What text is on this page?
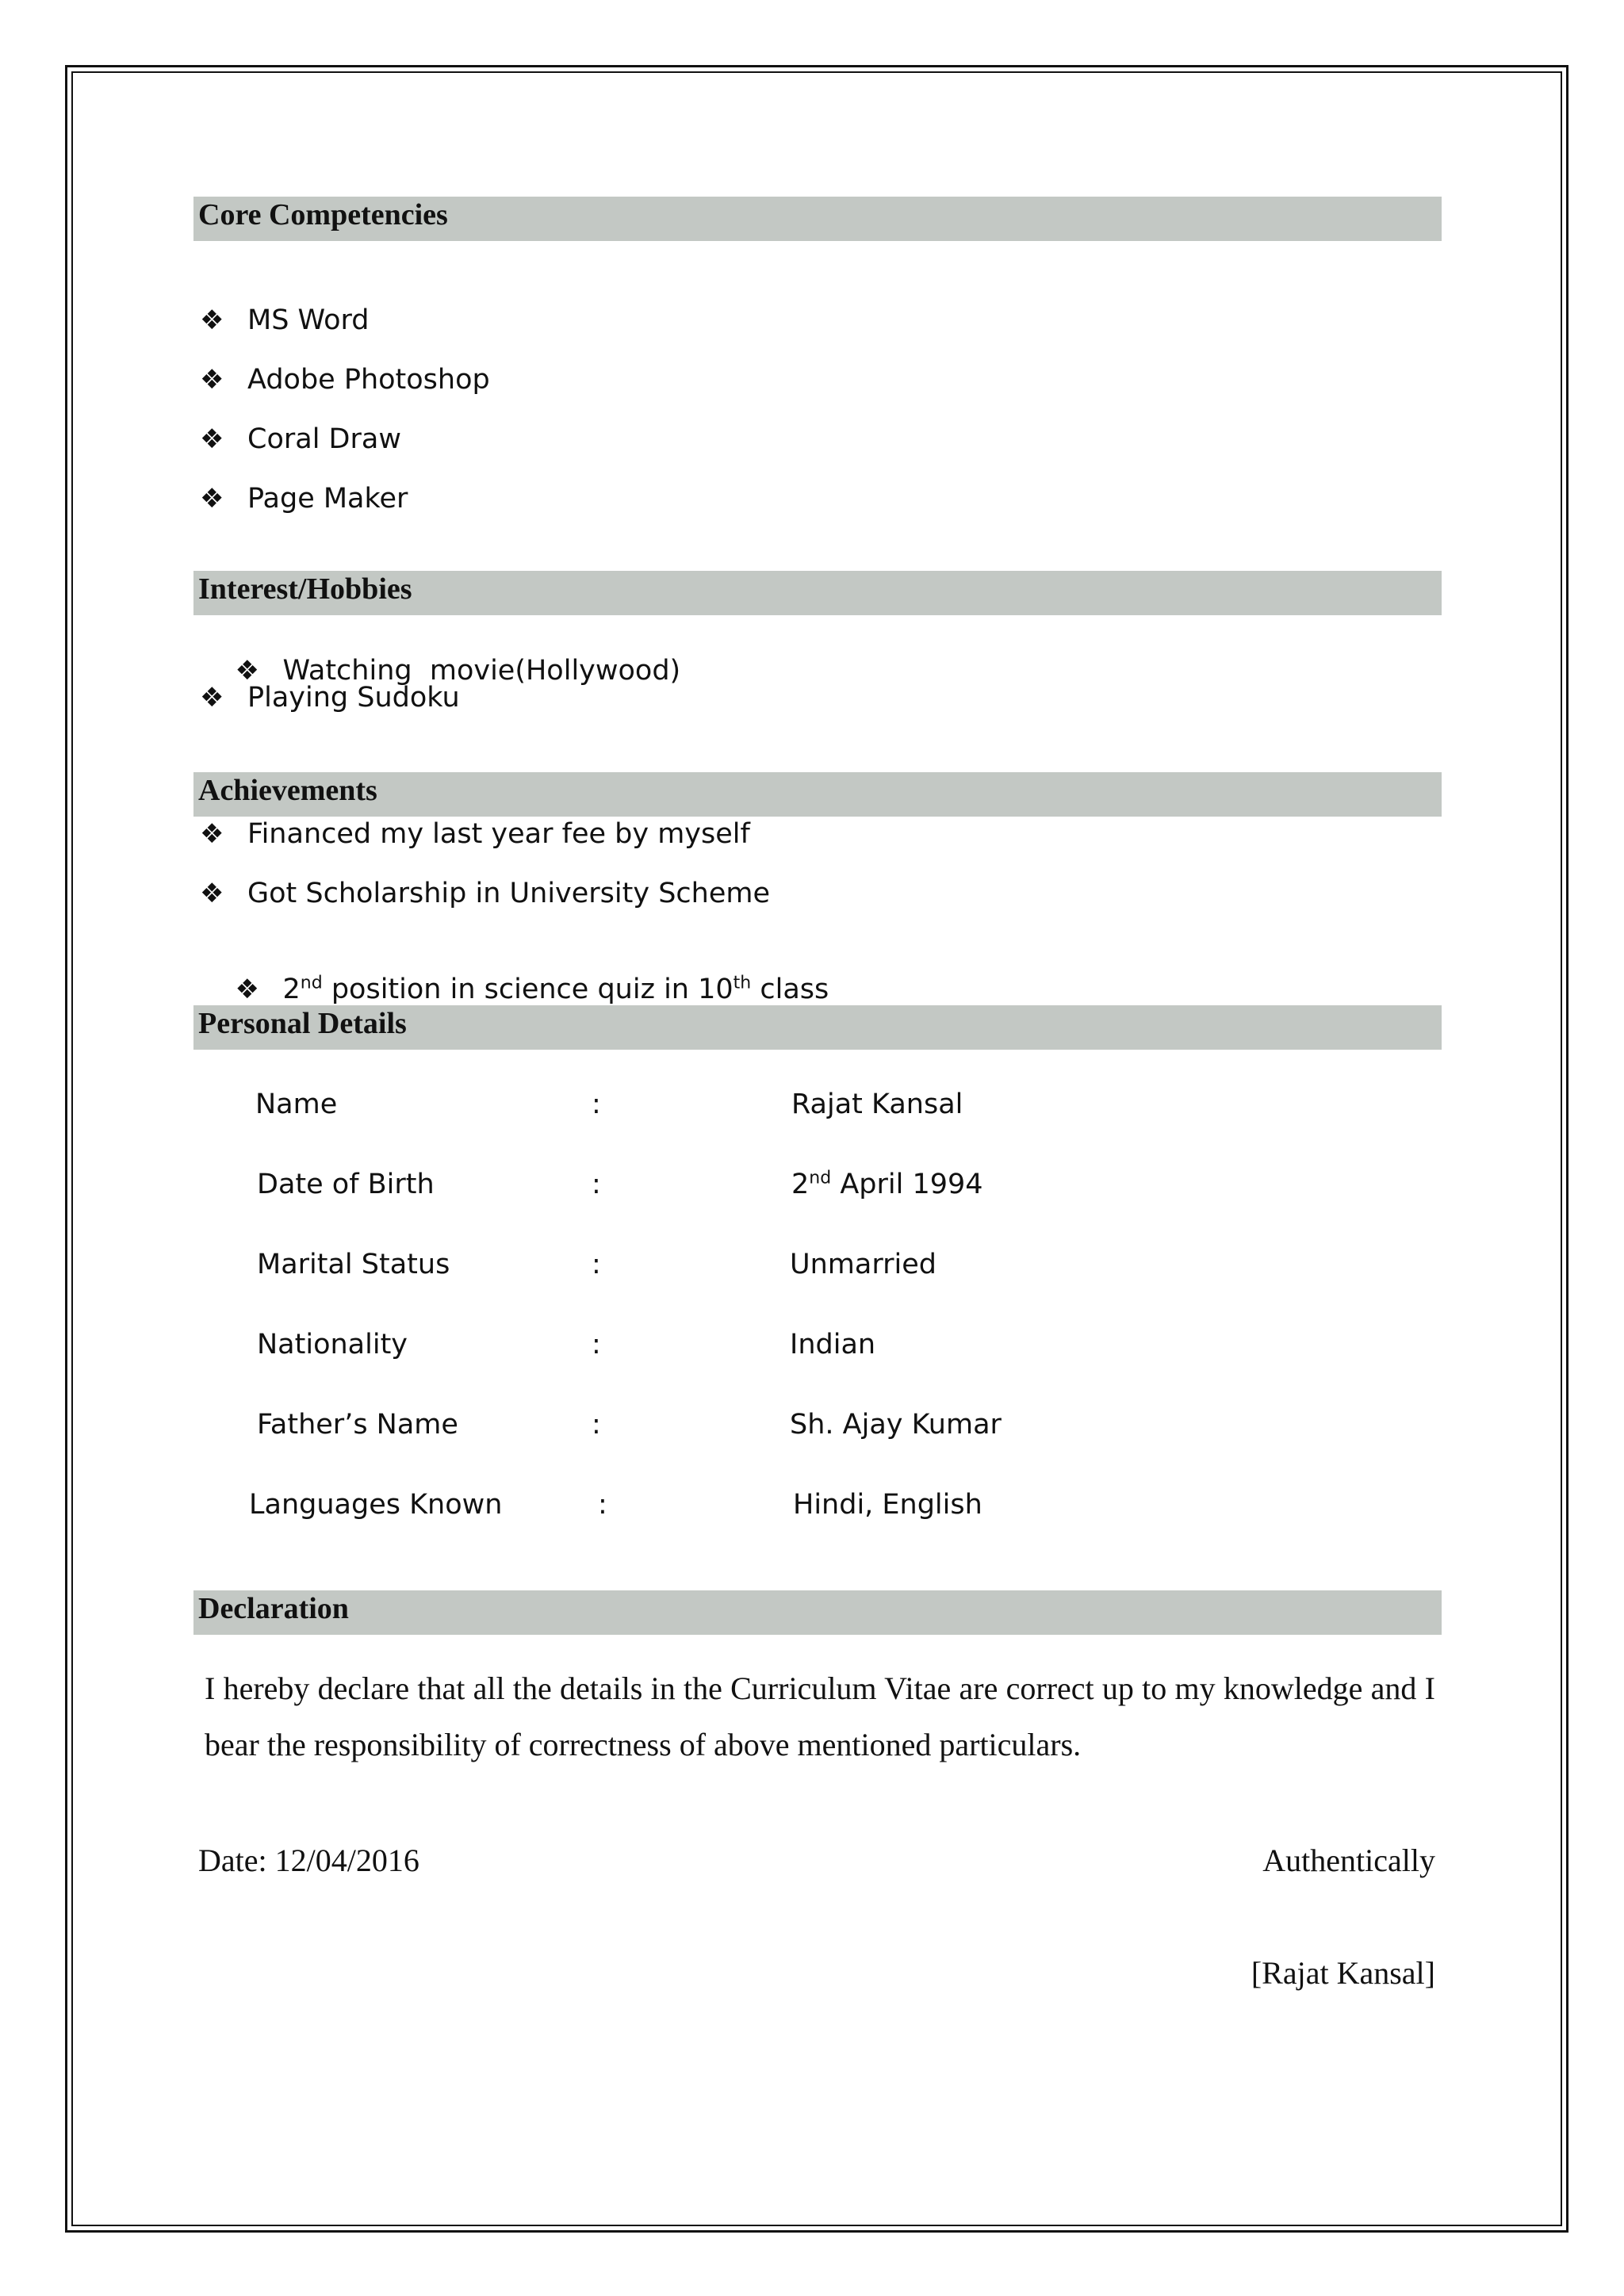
Core Competencies
❖ MS Word
❖ Adobe Photoshop
❖ Coral Draw
❖ Page Maker
Interest/Hobbies

❖ Watching  movie(Hollywood)

❖ Playing Sudoku
Achievements
❖ Financed my last year fee by myself
❖ Got Scholarship in University Scheme

❖ 2nd position in science quiz in 10th class

Personal Details
Name	:	Rajat Kansal
Date of Birth	:	2nd April 1994
Marital Status	:	Unmarried
Nationality	:	Indian
Father’s Name	:	Sh. Ajay Kumar
Languages Known	:	Hindi, English
Declaration

I hereby declare that all the details in the Curriculum Vitae are correct up to my knowledge and I bear the responsibility of correctness of above mentioned particulars.

Date: 12/04/2016	Authentically
[Rajat Kansal]
